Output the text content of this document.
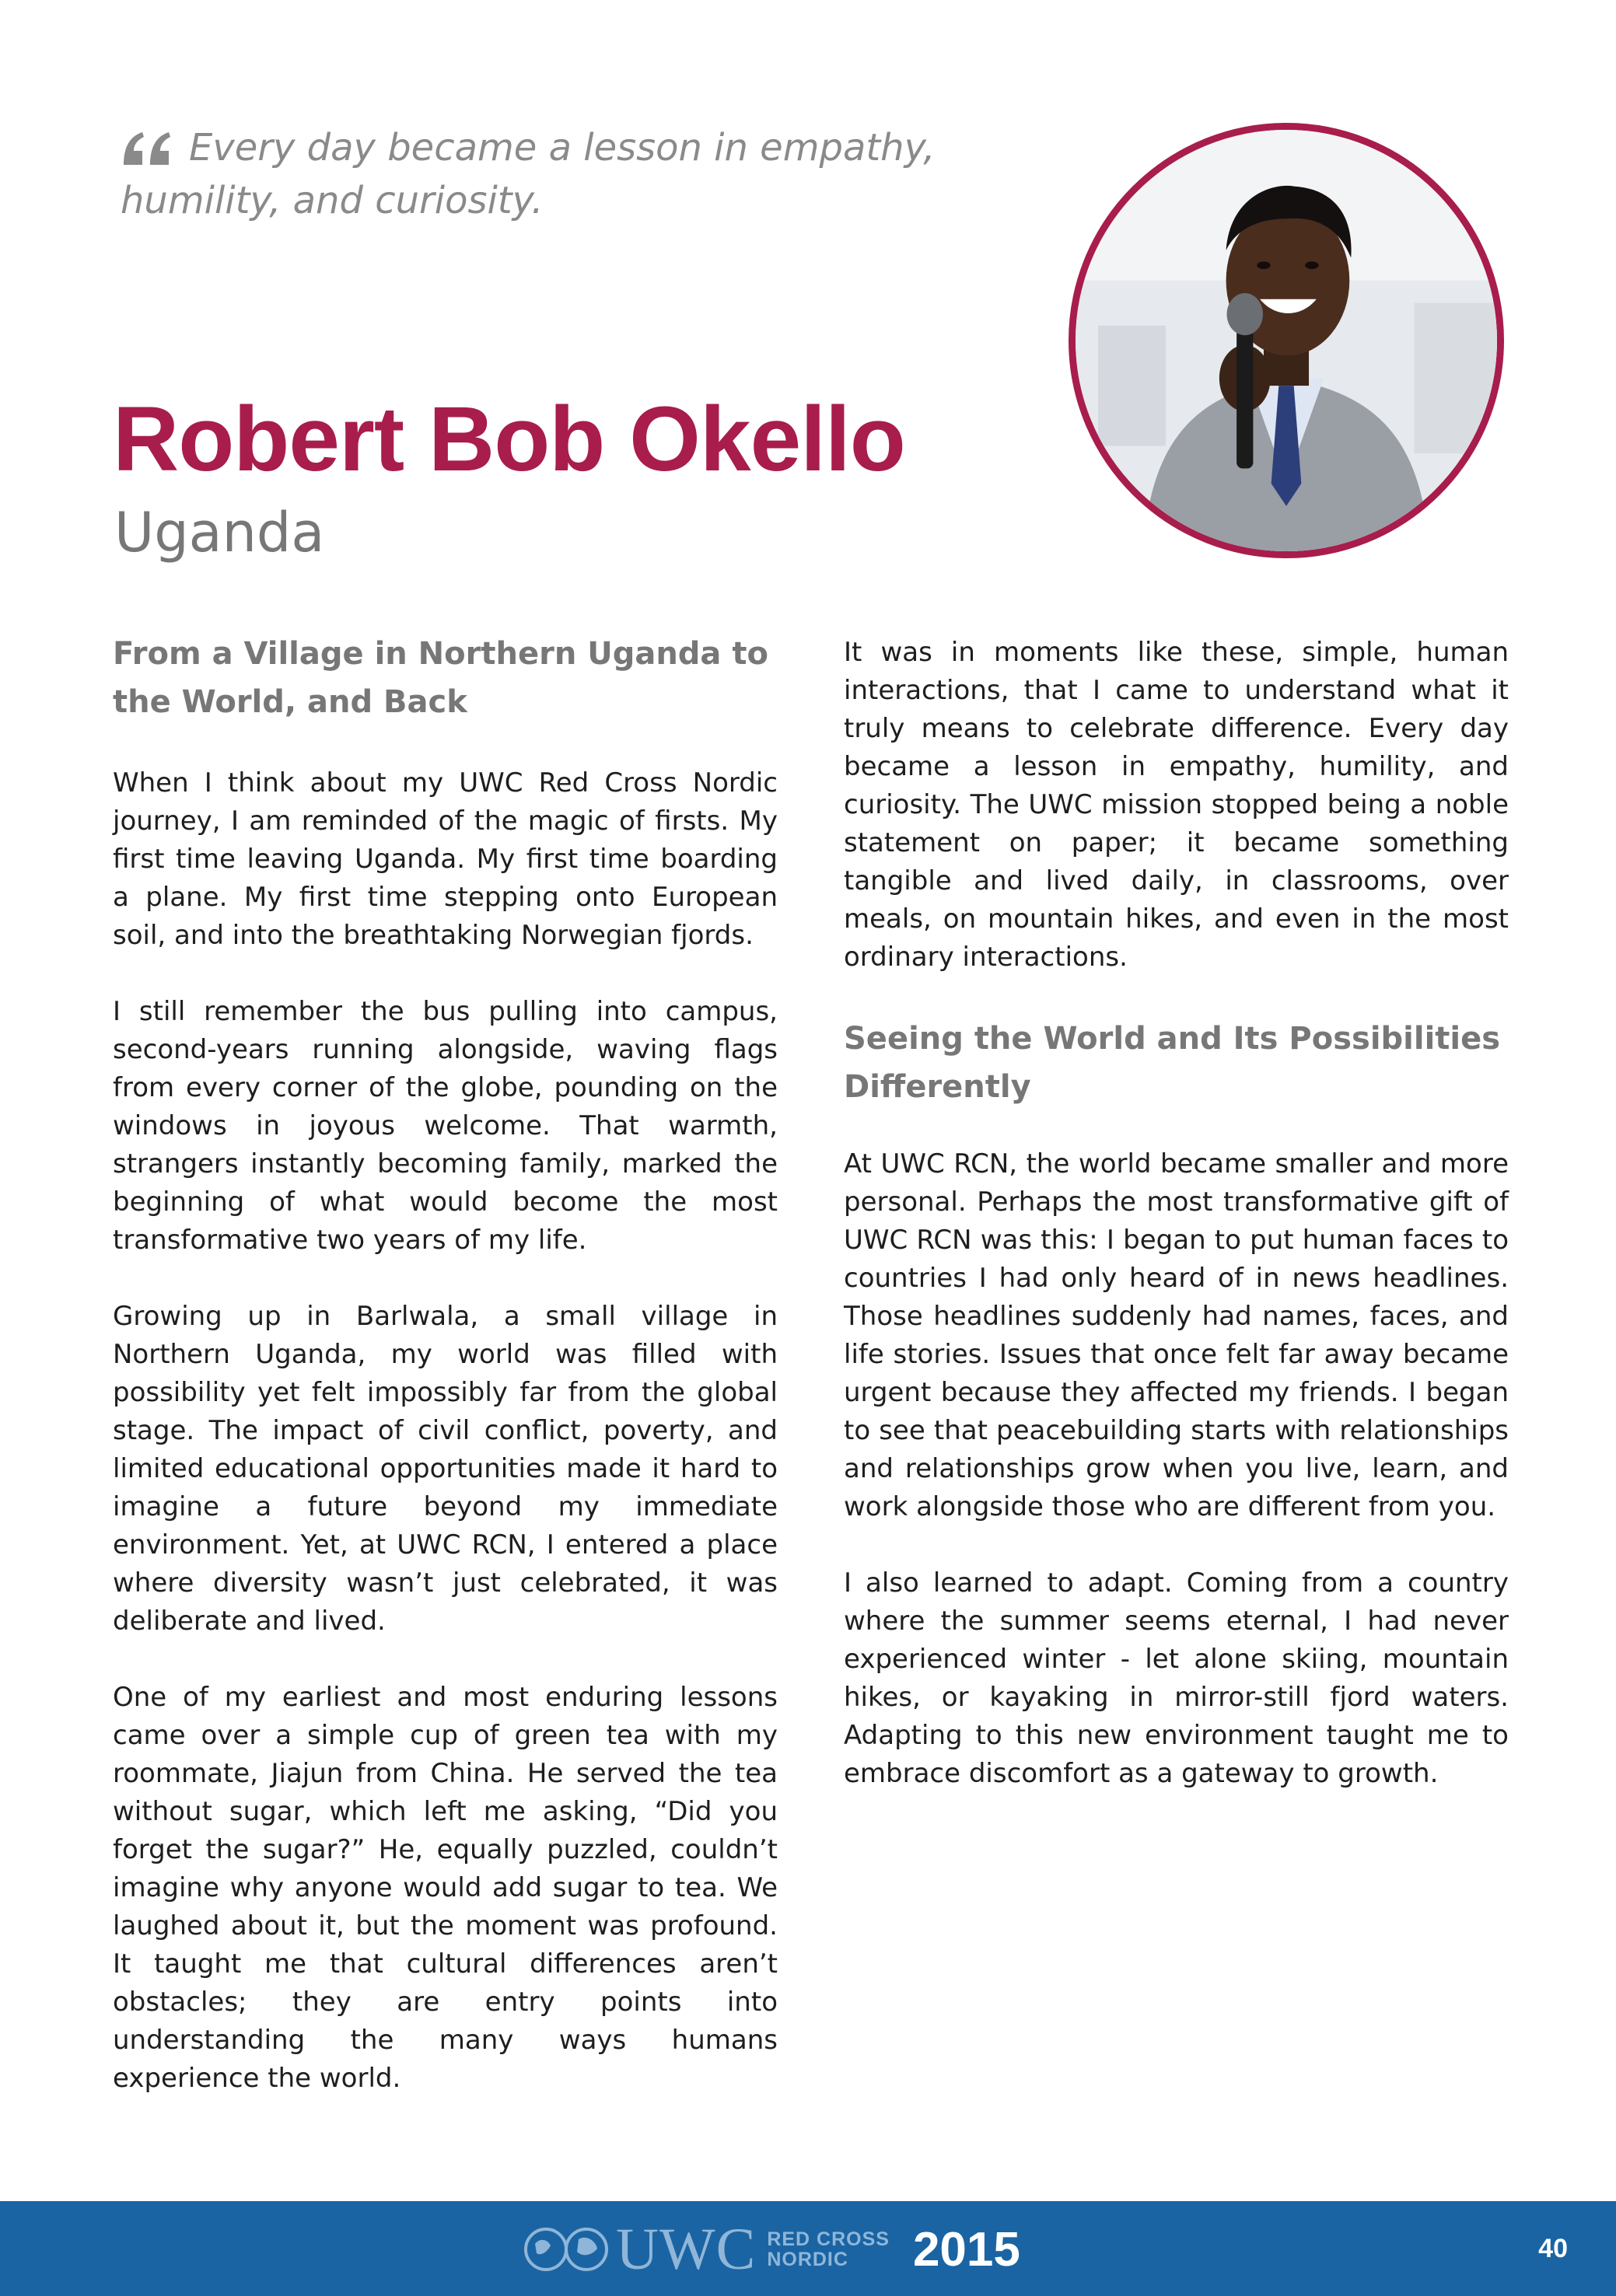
Every day became a lesson in empathy, humility, and curiosity.
Robert Bob Okello
Uganda
From a Village in Northern Uganda to the World, and Back

When I think about my UWC Red Cross Nordic journey, I am reminded of the magic of firsts. My first time leaving Uganda. My first time boarding a plane. My first time stepping onto European soil, and into the breathtaking Norwegian fjords.

I still remember the bus pulling into campus, second-years running alongside, waving flags from every corner of the globe, pounding on the windows in joyous welcome. That warmth, strangers instantly becoming family, marked the beginning of what would become the most transformative two years of my life.

Growing up in Barlwala, a small village in Northern Uganda, my world was filled with possibility yet felt impossibly far from the global stage. The impact of civil conflict, poverty, and limited educational opportunities made it hard to imagine a future beyond my immediate environment. Yet, at UWC RCN, I entered a place where diversity wasn’t just celebrated, it was deliberate and lived.

One of my earliest and most enduring lessons came over a simple cup of green tea with my roommate, Jiajun from China. He served the tea without sugar, which left me asking, “Did you forget the sugar?” He, equally puzzled, couldn’t imagine why anyone would add sugar to tea. We laughed about it, but the moment was profound. It taught me that cultural differences aren’t obstacles; they are entry points into understanding the many ways humans experience the world.

It was in moments like these, simple, human interactions, that I came to understand what it truly means to celebrate difference. Every day became a lesson in empathy, humility, and curiosity. The UWC mission stopped being a noble statement on paper; it became something tangible and lived daily, in classrooms, over meals, on mountain hikes, and even in the most ordinary interactions.

Seeing the World and Its Possibilities Differently

At UWC RCN, the world became smaller and more personal. Perhaps the most transformative gift of UWC RCN was this: I began to put human faces to countries I had only heard of in news headlines. Those headlines suddenly had names, faces, and life stories. Issues that once felt far away became urgent because they affected my friends. I began to see that peacebuilding starts with relationships and relationships grow when you live, learn, and work alongside those who are different from you.

I also learned to adapt. Coming from a country where the summer seems eternal, I had never experienced winter - let alone skiing, mountain hikes, or kayaking in mirror-still fjord waters. Adapting to this new environment taught me to embrace discomfort as a gateway to growth.

UWC RED CROSS
NORDIC	2015	40
